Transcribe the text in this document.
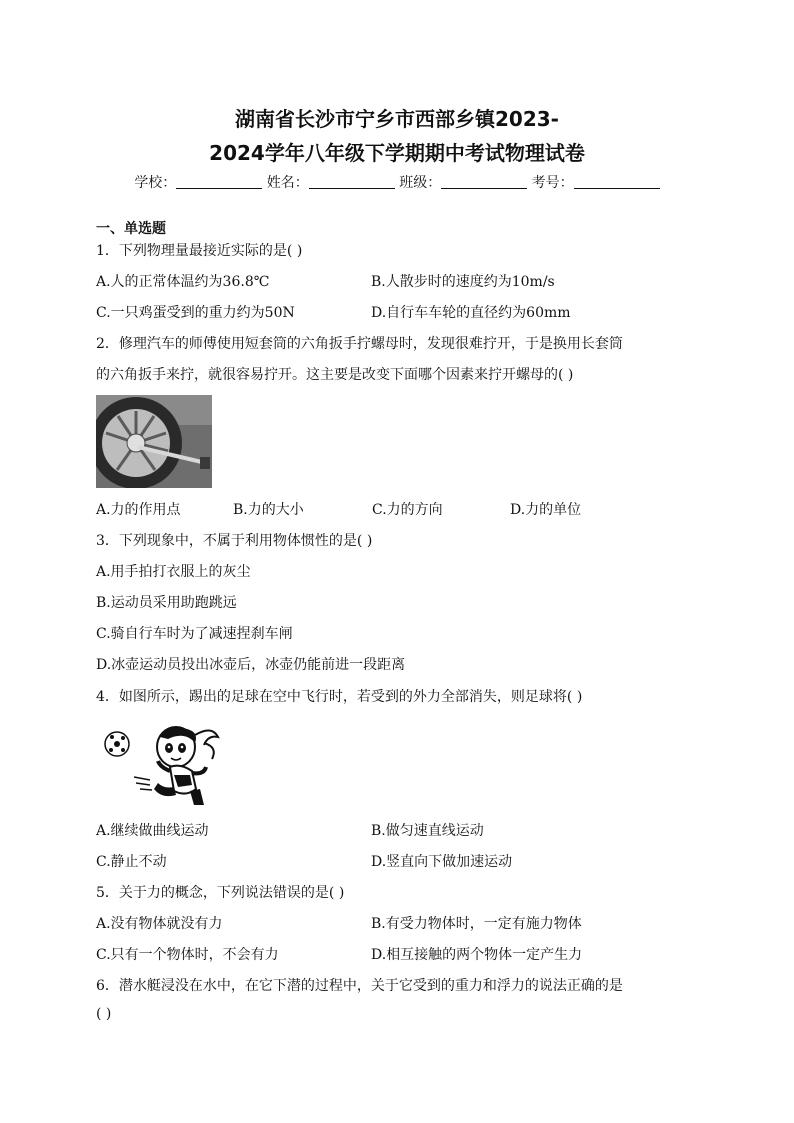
湖南省长沙市宁乡市西部乡镇2023-
2024学年八年级下学期期中考试物理试卷
学校：	姓名：	班级：	考号：
一、单选题
1．下列物理量最接近实际的是( )
A.人的正常体温约为36.8℃	B.人散步时的速度约为10m/s
C.一只鸡蛋受到的重力约为50N	D.自行车车轮的直径约为60mm
2．修理汽车的师傅使用短套筒的六角扳手拧螺母时，发现很难拧开，于是换用长套筒
的六角扳手来拧，就很容易拧开。这主要是改变下面哪个因素来拧开螺母的( )
A.力的作用点	B.力的大小	C.力的方向	D.力的单位
3．下列现象中，不属于利用物体惯性的是( )
A.用手拍打衣服上的灰尘
B.运动员采用助跑跳远
C.骑自行车时为了减速捏刹车闸
D.冰壶运动员投出冰壶后，冰壶仍能前进一段距离
4．如图所示，踢出的足球在空中飞行时，若受到的外力全部消失，则足球将( )
A.继续做曲线运动	B.做匀速直线运动
C.静止不动	D.竖直向下做加速运动
5．关于力的概念，下列说法错误的是( )
A.没有物体就没有力	B.有受力物体时，一定有施力物体
C.只有一个物体时，不会有力	D.相互接触的两个物体一定产生力
6．潜水艇浸没在水中，在它下潜的过程中，关于它受到的重力和浮力的说法正确的是
( )
